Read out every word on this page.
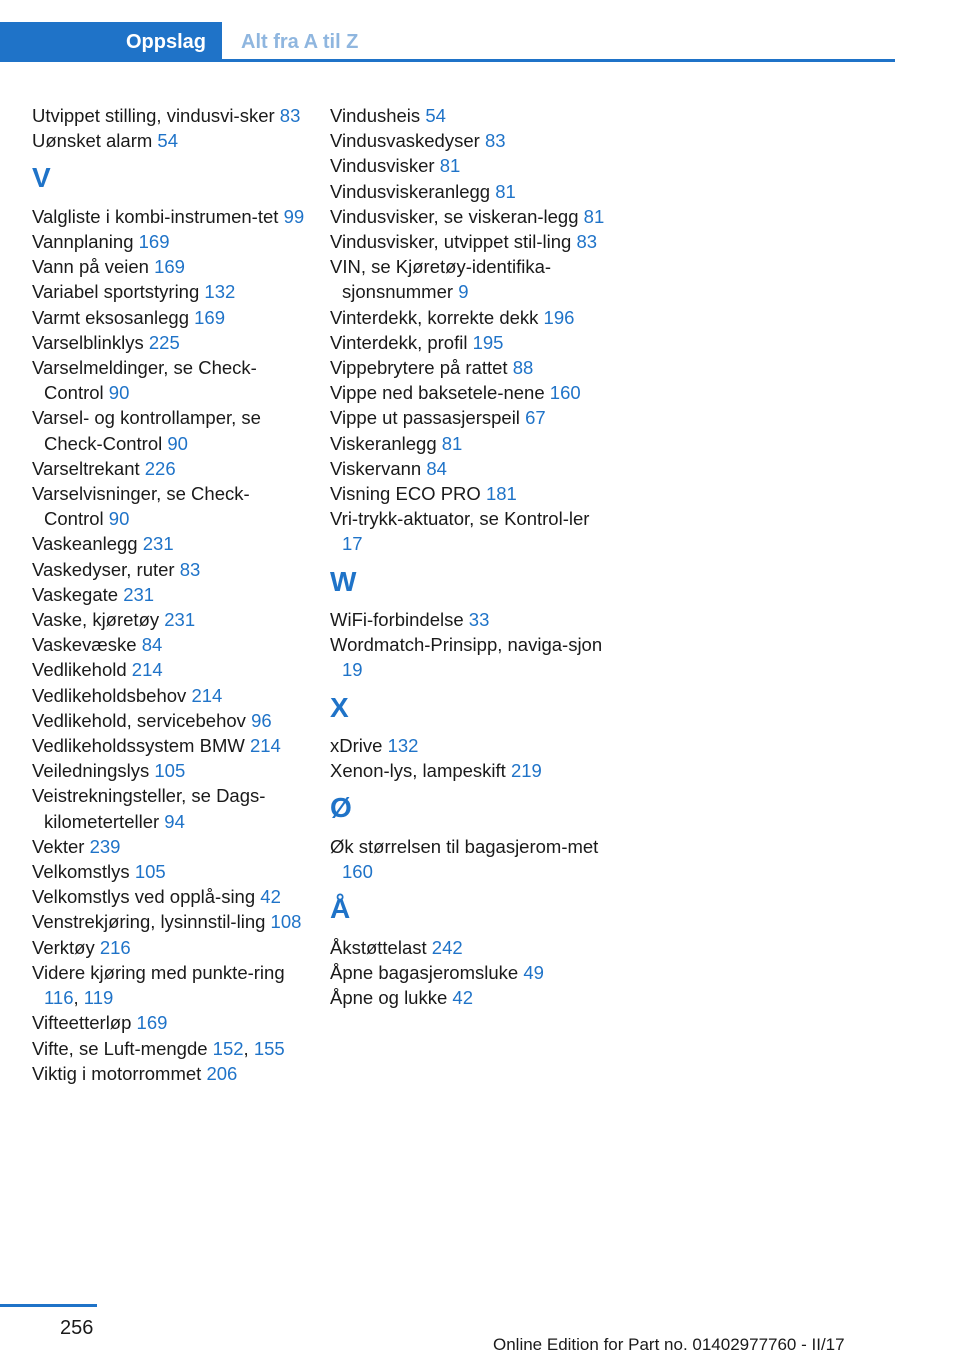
Oppslag	Alt fra A til Z
Utvippet stilling, vindusvi‐sker 83
Uønsket alarm 54
V
Valgliste i kombi-instrumen‐tet 99
Vannplaning 169
Vann på veien 169
Variabel sportstyring 132
Varmt eksosanlegg 169
Varselblinklys 225
Varselmeldinger, se Check-Control 90
Varsel- og kontrollamper, se Check-Control 90
Varseltrekant 226
Varselvisninger, se Check-Control 90
Vaskeanlegg 231
Vaskedyser, ruter 83
Vaskegate 231
Vaske, kjøretøy 231
Vaskevæske 84
Vedlikehold 214
Vedlikeholdsbehov 214
Vedlikehold, servicebehov 96
Vedlikeholdssystem BMW 214
Veiledningslys 105
Veistrekningsteller, se Dags‐kilometerteller 94
Vekter 239
Velkomstlys 105
Velkomstlys ved opplå‐sing 42
Venstrekjøring, lysinnstil‐ling 108
Verktøy 216
Videre kjøring med punkte‐ring 116, 119
Vifteetterløp 169
Vifte, se Luft-mengde 152, 155
Viktig i motorrommet 206
Vindusheis 54
Vindusvaskedyser 83
Vindusvisker 81
Vindusviskeranlegg 81
Vindusvisker, se viskeran‐legg 81
Vindusvisker, utvippet stil‐ling 83
VIN, se Kjøretøy-identifika‐sjonsnummer 9
Vinterdekk, korrekte dekk 196
Vinterdekk, profil 195
Vippebrytere på rattet 88
Vippe ned baksetele‐nene 160
Vippe ut passasjerspeil 67
Viskeranlegg 81
Viskervann 84
Visning ECO PRO 181
Vri-trykk-aktuator, se Kontrol‐ler 17
W
WiFi-forbindelse 33
Wordmatch-Prinsipp, naviga‐sjon 19
X
xDrive 132
Xenon-lys, lampeskift 219
Ø
Øk størrelsen til bagasjerom‐met 160
Å
Åkstøttelast 242
Åpne bagasjeromsluke 49
Åpne og lukke 42
256
Online Edition for Part no. 01402977760 - II/17
